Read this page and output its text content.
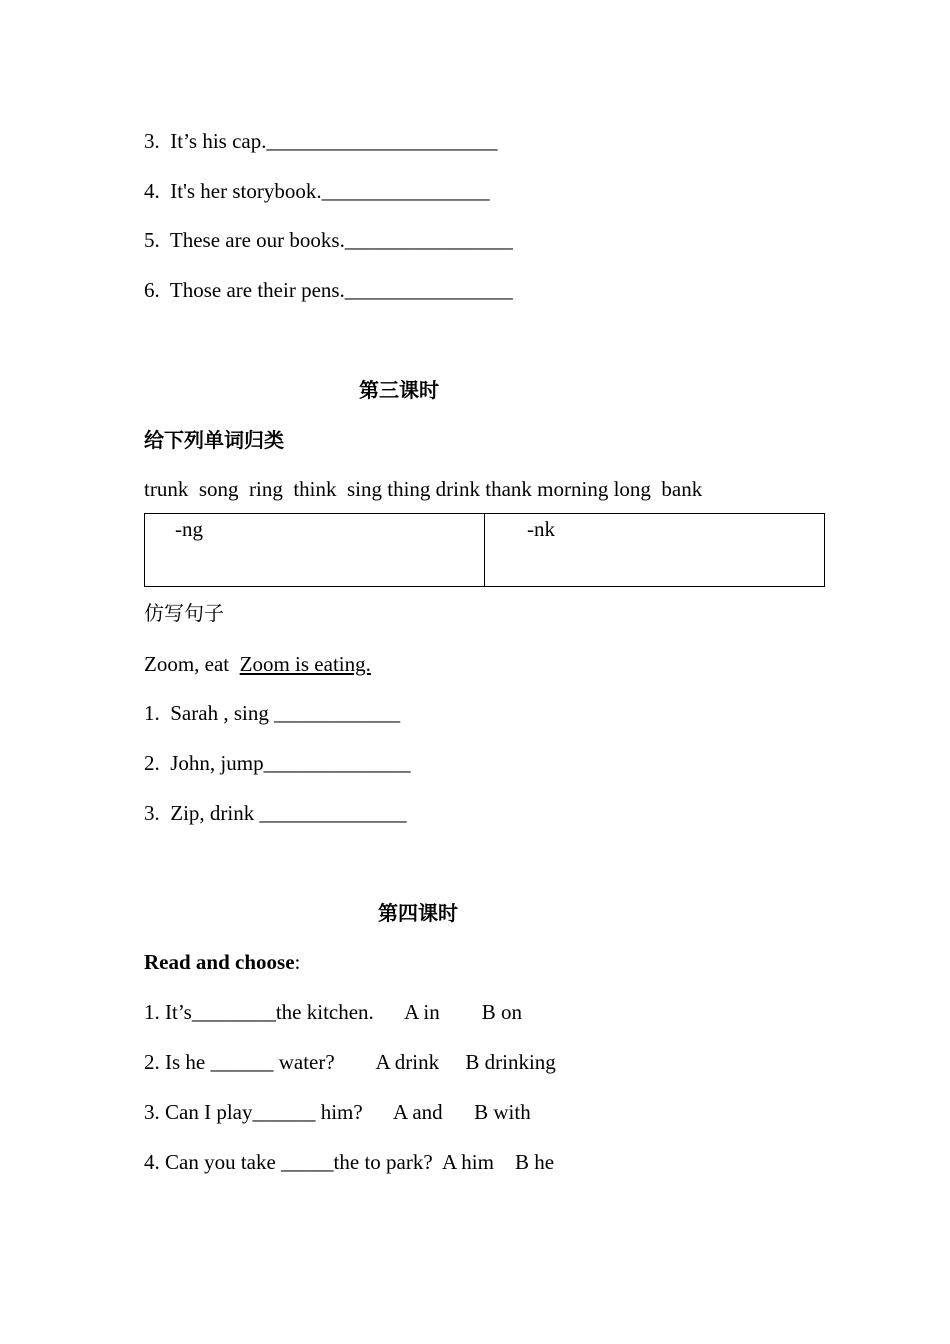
3. It’s his cap.______________________
4. It's her storybook.________________
5. These are our books.________________
6. Those are their pens.________________
第三课时
给下列单词归类
trunk  song  ring  think  sing thing drink thank morning long  bank
-ng	-nk
仿写句子
Zoom, eat  Zoom is eating.
1. Sarah , sing ____________
2. John, jump______________
3. Zip, drink ______________
第四课时
Read and choose:
1. It’s________the kitchen.      A in        B on
2. Is he ______ water?        A drink     B drinking
3. Can I play______ him?      A and      B with
4. Can you take _____the to park?  A him    B he
